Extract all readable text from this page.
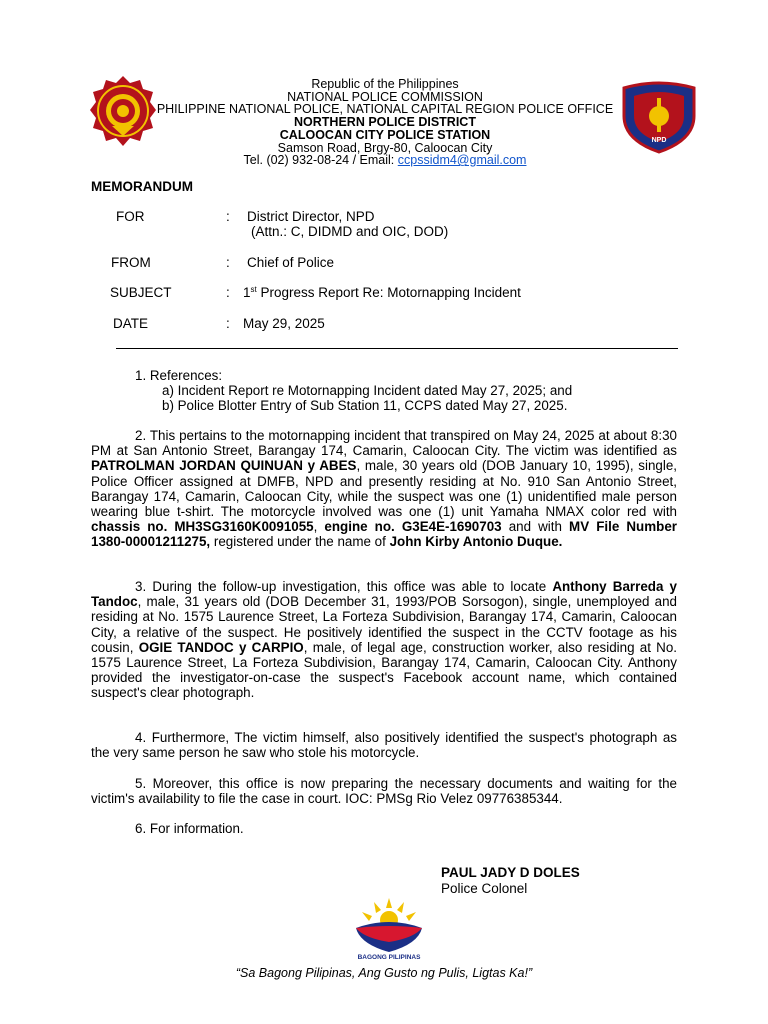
NPD
Republic of the Philippines
NATIONAL POLICE COMMISSION
PHILIPPINE NATIONAL POLICE, NATIONAL CAPITAL REGION POLICE OFFICE
NORTHERN POLICE DISTRICT
CALOOCAN CITY POLICE STATION
Samson Road, Brgy-80, Caloocan City
Tel. (02) 932-08-24 / Email: ccpssidm4@gmail.com
MEMORANDUM
FOR	: District Director, NPD
(Attn.: C, DIDMD and OIC, DOD)
FROM	: Chief of Police
SUBJECT	: 1st Progress Report Re: Motornapping Incident
DATE	: May 29, 2025
1. References:
a) Incident Report re Motornapping Incident dated May 27, 2025; and
b) Police Blotter Entry of Sub Station 11, CCPS dated May 27, 2025.

2. This pertains to the motornapping incident that transpired on May 24, 2025 at about 8:30 PM at San Antonio Street, Barangay 174, Camarin, Caloocan City. The victim was identified as PATROLMAN JORDAN QUINUAN y ABES, male, 30 years old (DOB January 10, 1995), single, Police Officer assigned at DMFB, NPD and presently residing at No. 910 San Antonio Street, Barangay 174, Camarin, Caloocan City, while the suspect was one (1) unidentified male person wearing blue t-shirt. The motorcycle involved was one (1) unit Yamaha NMAX color red with chassis no. MH3SG3160K0091055, engine no. G3E4E-1690703 and with MV File Number 1380-00001211275, registered under the name of John Kirby Antonio Duque.

3. During the follow-up investigation, this office was able to locate Anthony Barreda y Tandoc, male, 31 years old (DOB December 31, 1993/POB Sorsogon), single, unemployed and residing at No. 1575 Laurence Street, La Forteza Subdivision, Barangay 174, Camarin, Caloocan City, a relative of the suspect. He positively identified the suspect in the CCTV footage as his cousin, OGIE TANDOC y CARPIO, male, of legal age, construction worker, also residing at No. 1575 Laurence Street, La Forteza Subdivision, Barangay 174, Camarin, Caloocan City. Anthony provided the investigator-on-case the suspect's Facebook account name, which contained suspect's clear photograph.

4. Furthermore, The victim himself, also positively identified the suspect's photograph as the very same person he saw who stole his motorcycle.

5. Moreover, this office is now preparing the necessary documents and waiting for the victim's availability to file the case in court. IOC: PMSg Rio Velez 09776385344.

6. For information.

PAUL JADY D DOLES
Police Colonel
BAGONG PILIPINAS
“Sa Bagong Pilipinas, Ang Gusto ng Pulis, Ligtas Ka!”
